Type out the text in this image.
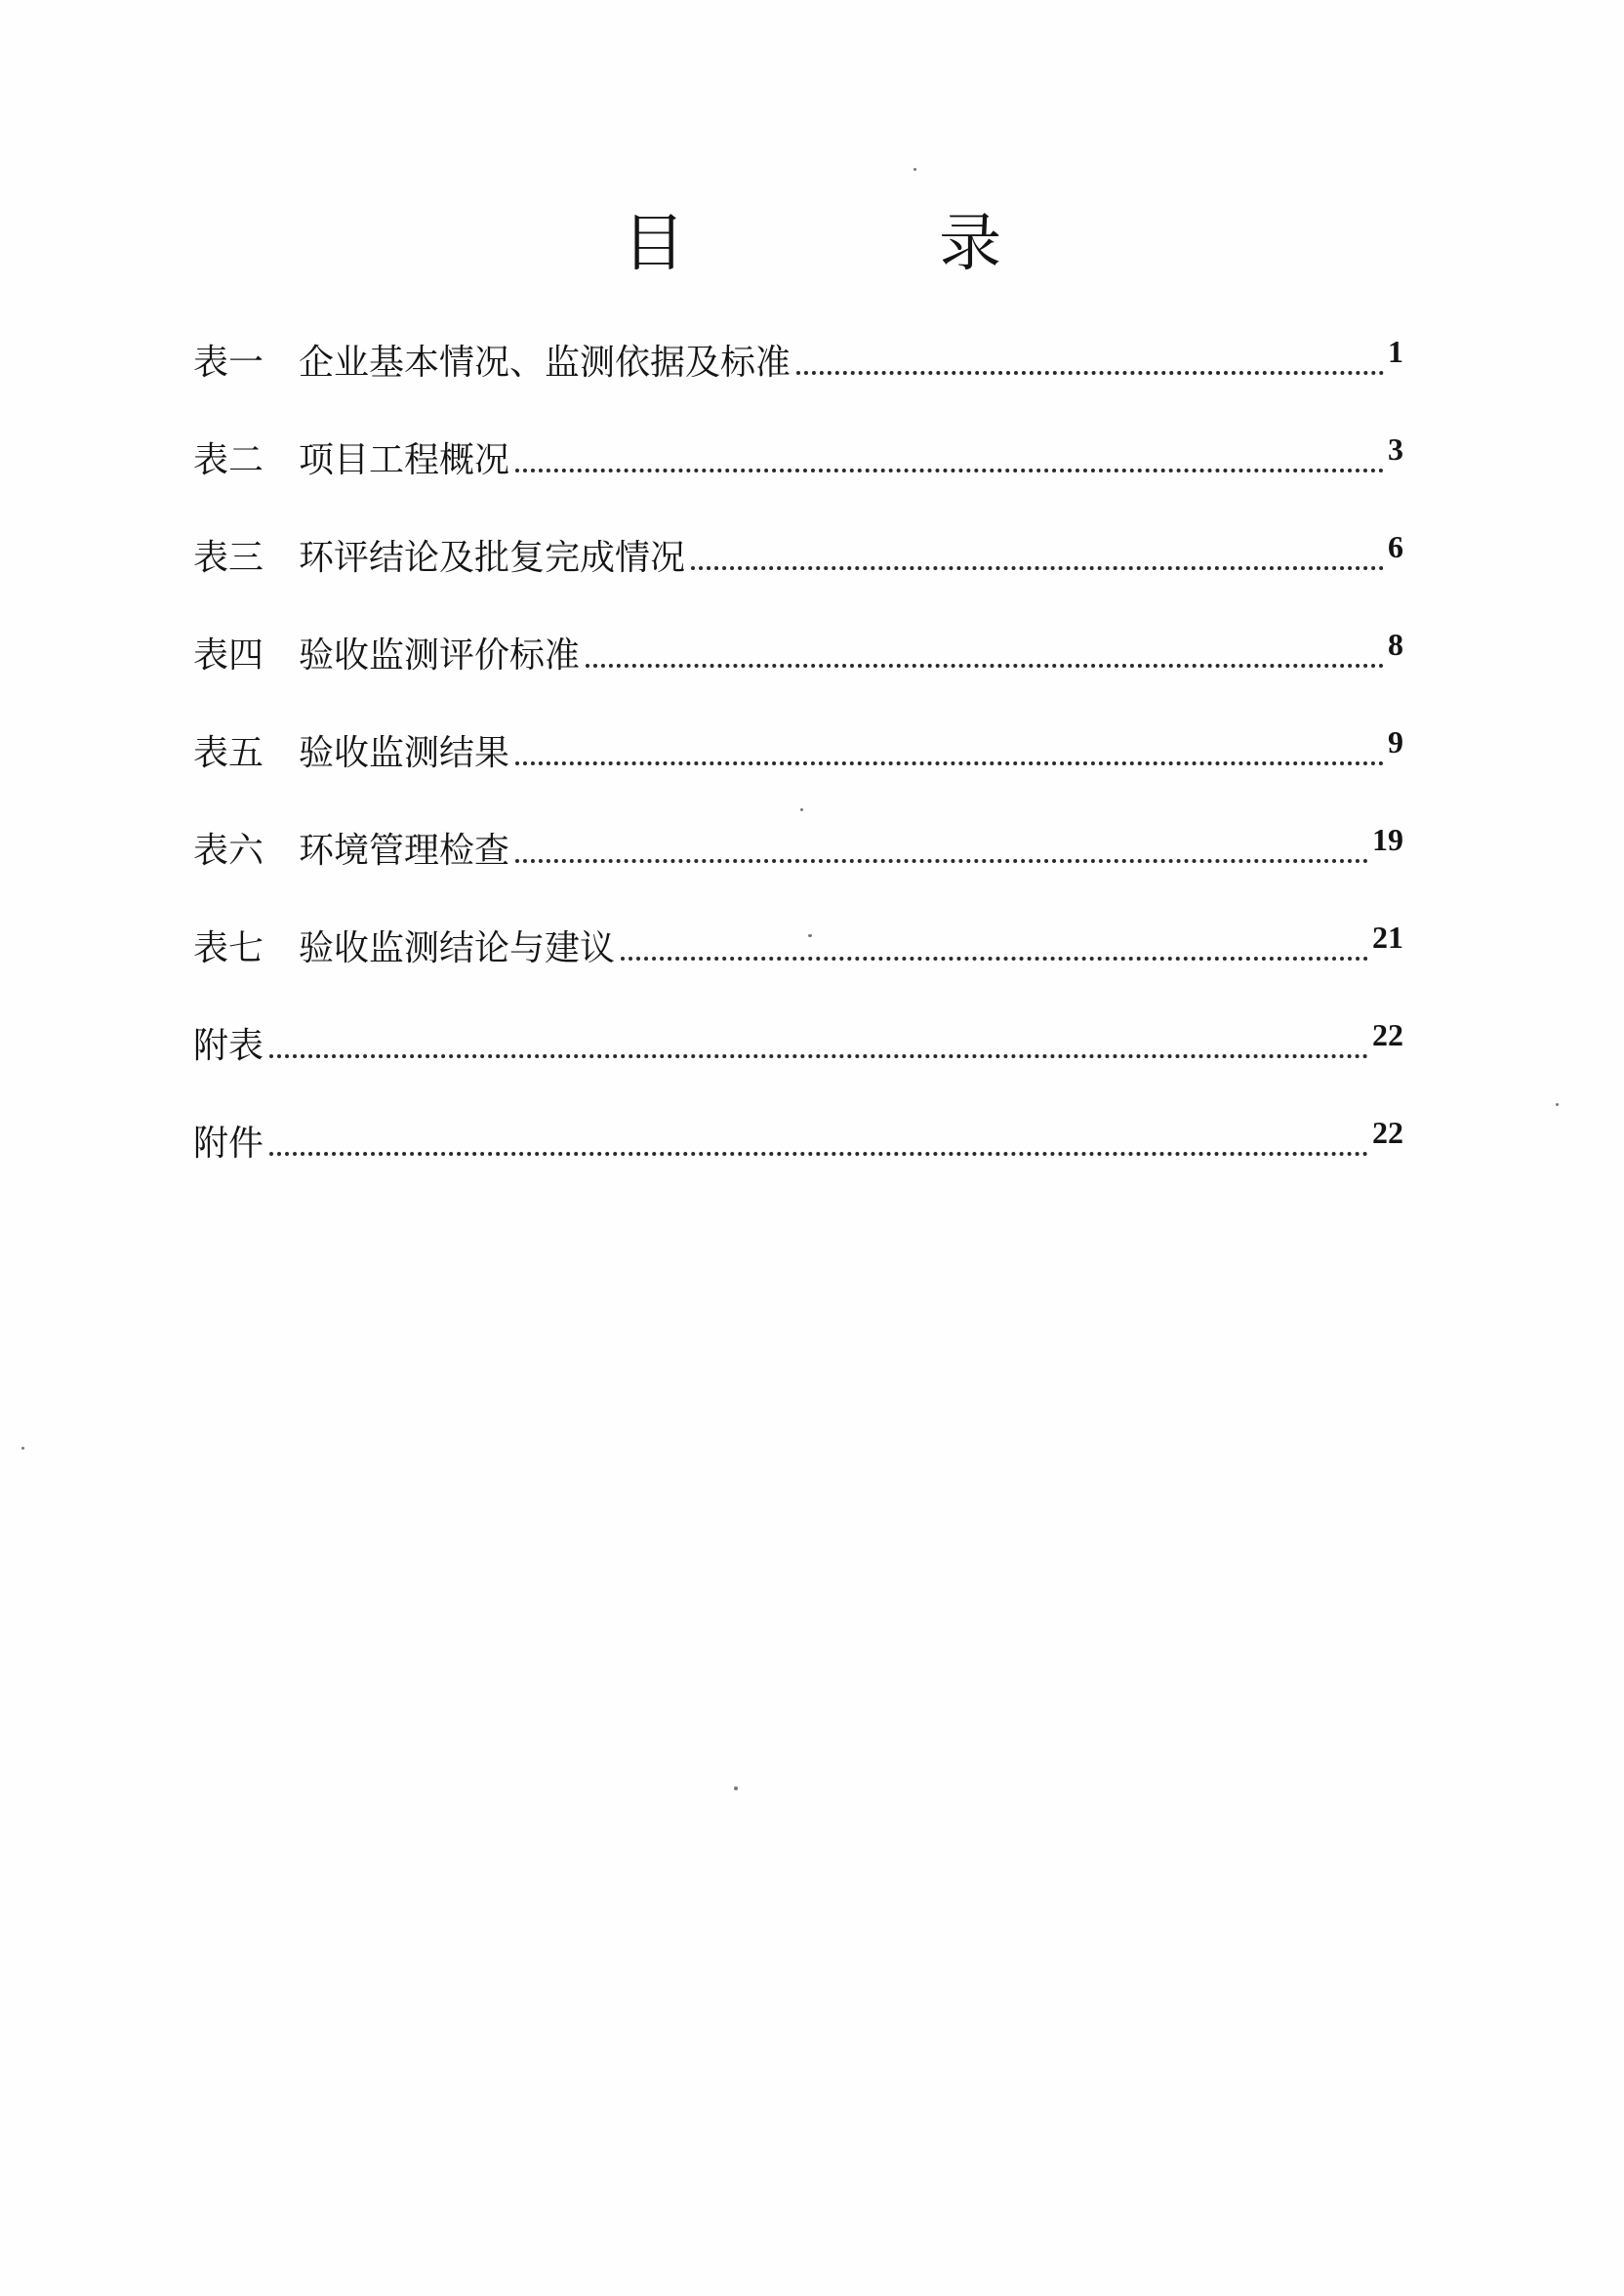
目 录
表一 企业基本情况、监测依据及标准	1
表二 项目工程概况	3
表三 环评结论及批复完成情况	6
表四 验收监测评价标准	8
表五 验收监测结果	9
表六 环境管理检查	19
表七 验收监测结论与建议	21
附表	22
附件	22
